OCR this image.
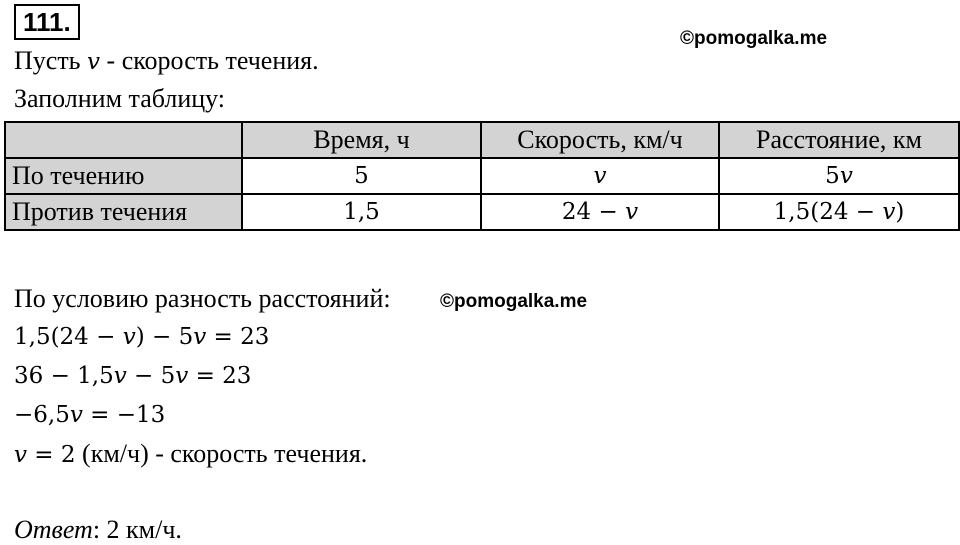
111.
©pomogalka.me
Пусть v - скорость течения.
Заполним таблицу:
	Время, ч	Скорость, км/ч	Расстояние, км
По течению	5	v	5v
Против течения	1,5	24 − v	1,5(24 − v)
По условию разность расстояний:	©pomogalka.me
1,5(24 − v) − 5v = 23
36 − 1,5v − 5v = 23
−6,5v = −13
v = 2 (км/ч) - скорость течения.
Ответ: 2 км/ч.
